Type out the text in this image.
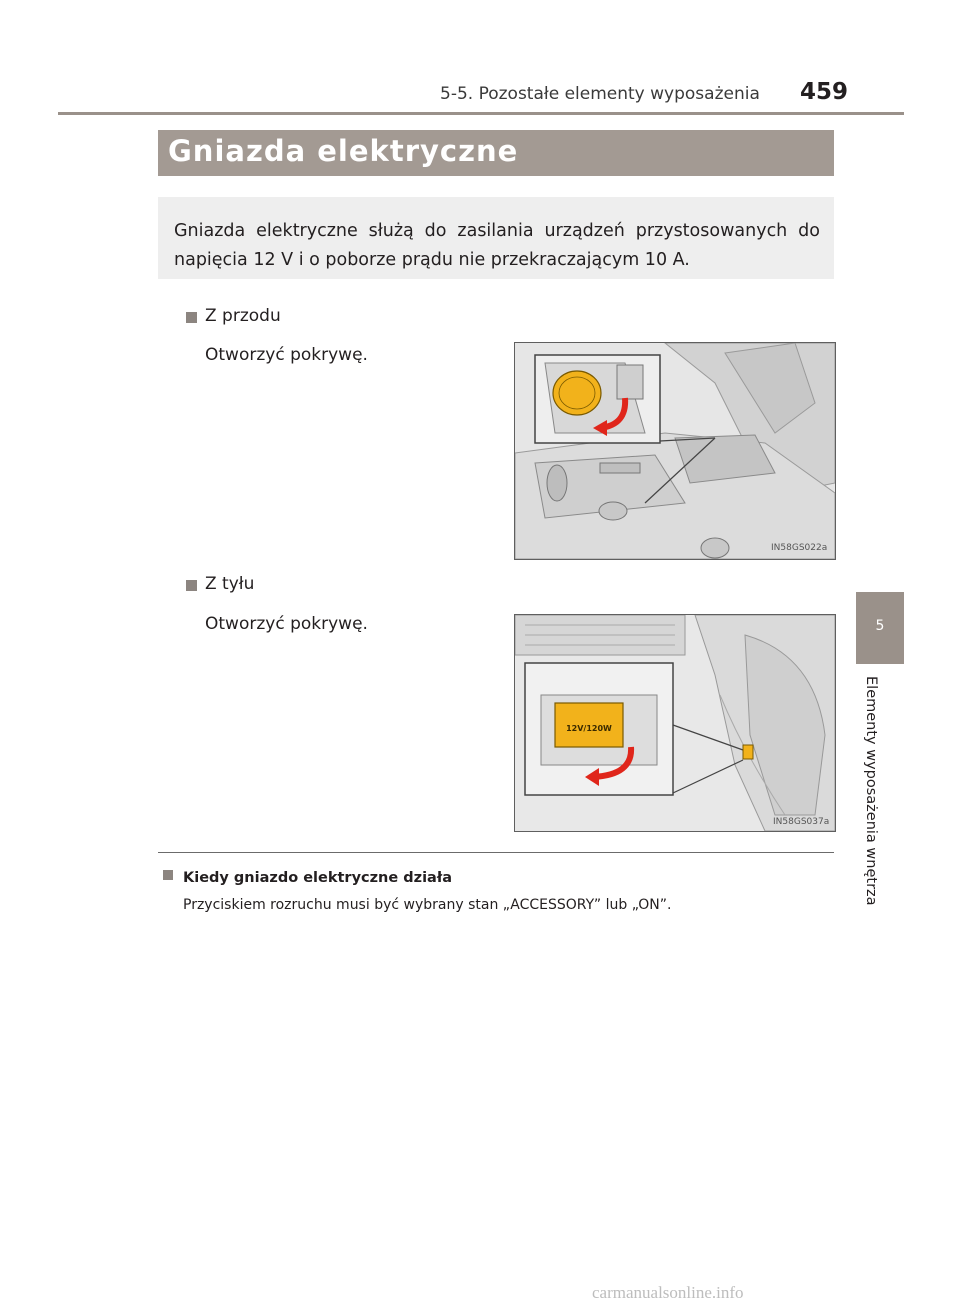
5-5. Pozostałe elementy wyposażenia 459
Gniazda elektryczne
Gniazda elektryczne służą do zasilania urządzeń przystosowanych do napięcia 12 V i o poborze prądu nie przekraczającym 10 A.
Z przodu
Otworzyć pokrywę.
IN58GS022a
Z tyłu
Otworzyć pokrywę.
12V/120W
IN58GS037a
Kiedy gniazdo elektryczne działa
Przyciskiem rozruchu musi być wybrany stan „ACCESSORY” lub „ON”.
5
Elementy wyposażenia wnętrza
carmanualsonline.info
